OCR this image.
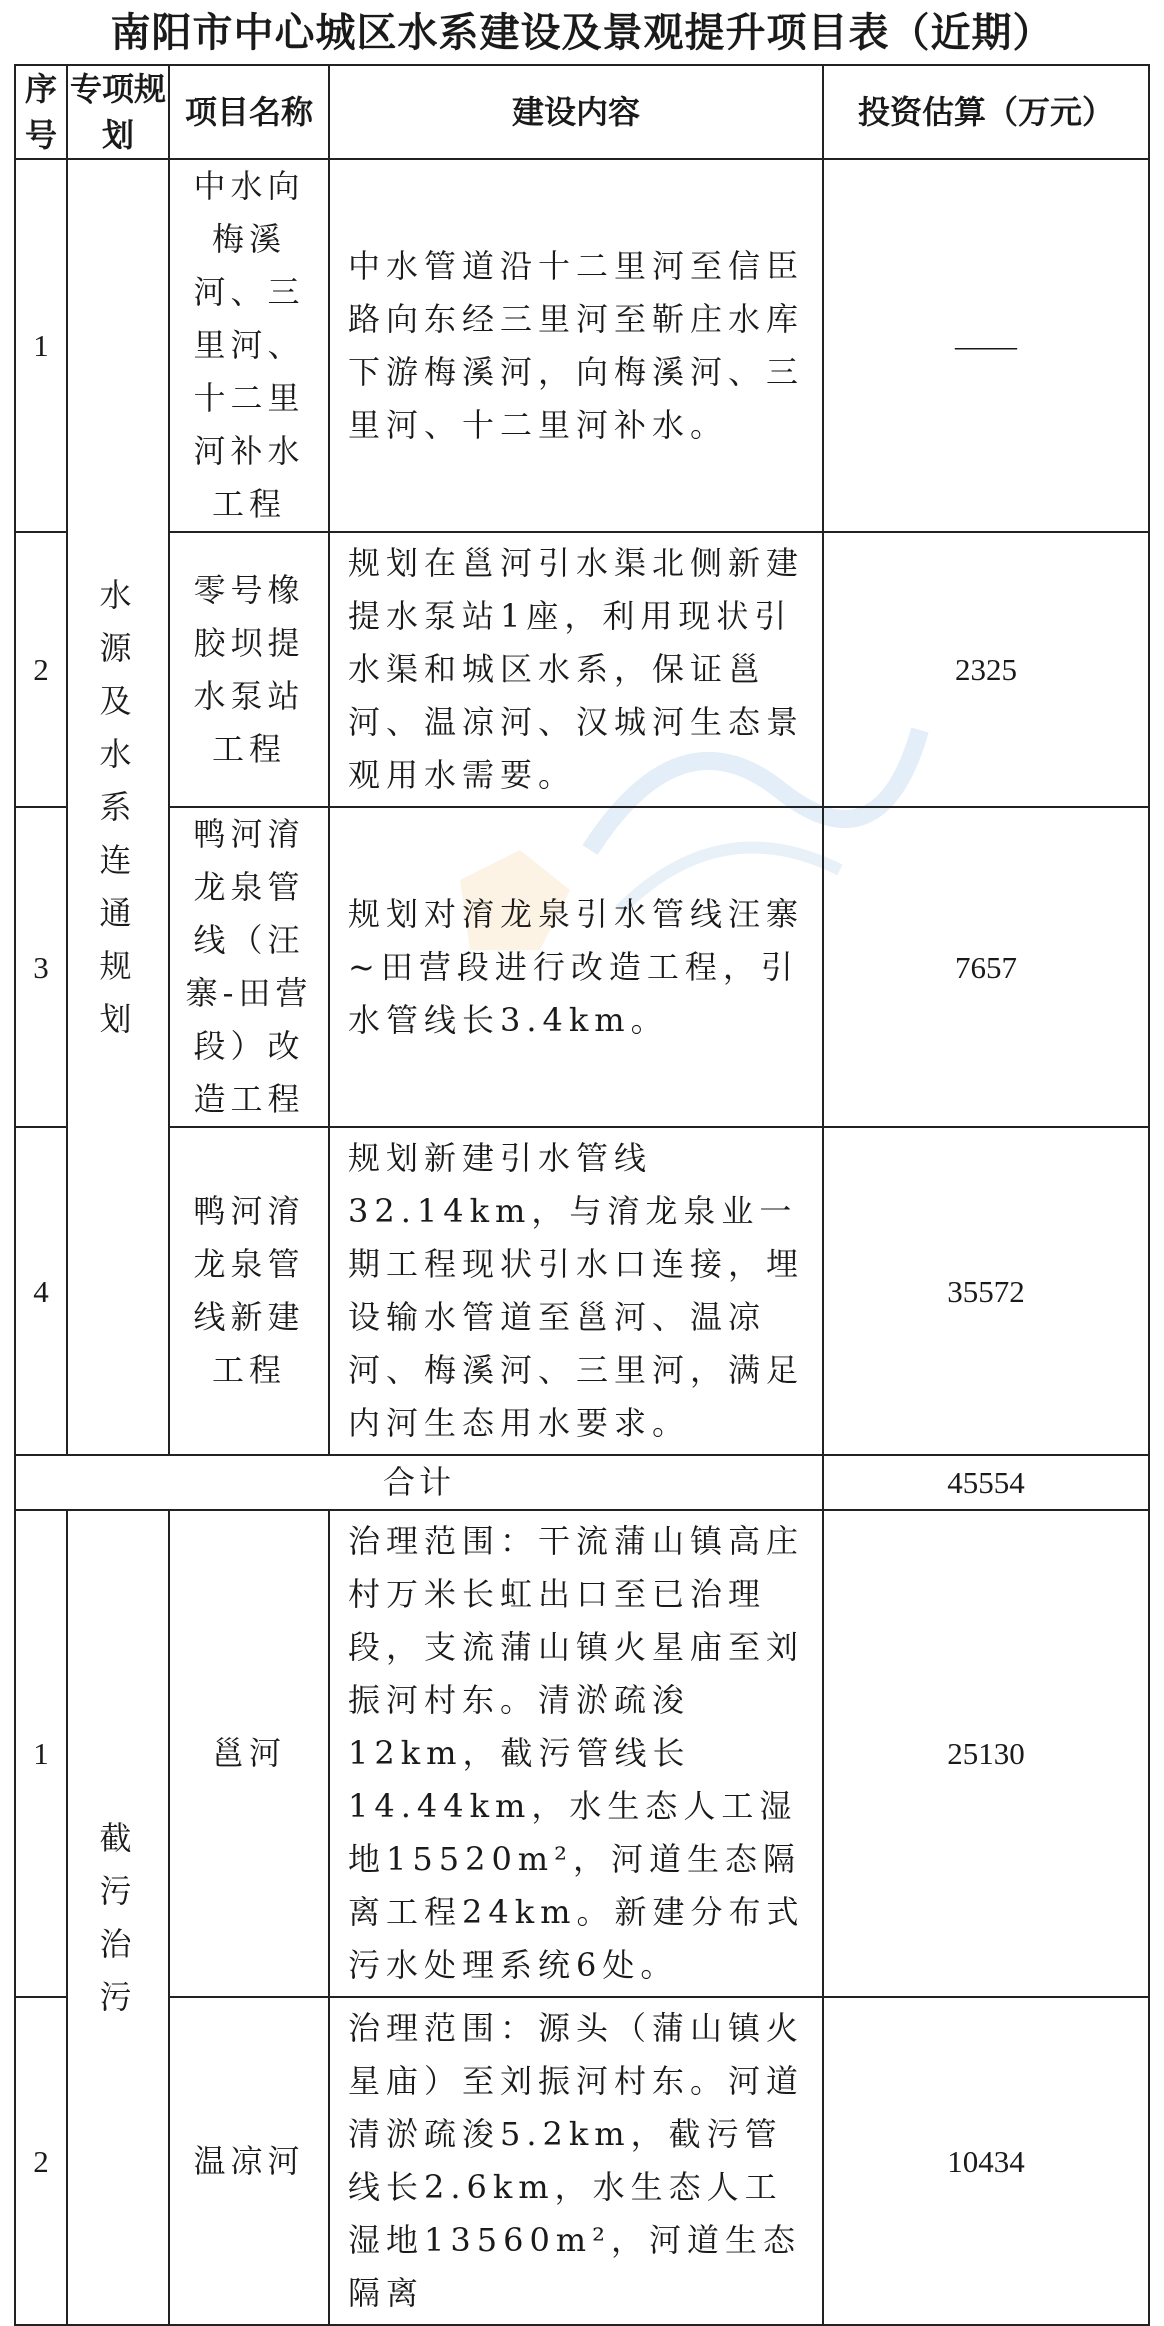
南阳市中心城区水系建设及景观提升项目表（近期）
序号	专项规划	项目名称	建设内容	投资估算（万元）
1	水源及水系连通规划	中水向梅溪河、三里河、十二里河补水工程	中水管道沿十二里河至信臣路向东经三里河至靳庄水库下游梅溪河，向梅溪河、三里河、十二里河补水。	——
2		零号橡胶坝提水泵站工程	规划在邕河引水渠北侧新建提水泵站1座，利用现状引水渠和城区水系，保证邕河、温凉河、汉城河生态景观用水需要。	2325
3		鸭河淯龙泉管线（汪寨-田营段）改造工程	规划对淯龙泉引水管线汪寨~田营段进行改造工程，引水管线长3.4km。	7657
4		鸭河淯龙泉管线新建工程	规划新建引水管线32.14km，与淯龙泉业一期工程现状引水口连接，埋设输水管道至邕河、温凉河、梅溪河、三里河，满足内河生态用水要求。	35572
合计				45554
1	截污治污	邕河	治理范围：干流蒲山镇高庄村万米长虹出口至已治理段，支流蒲山镇火星庙至刘振河村东。清淤疏浚12km，截污管线长14.44km，水生态人工湿地15520m²，河道生态隔离工程24km。新建分布式污水处理系统6处。	25130
2		温凉河	治理范围：源头（蒲山镇火星庙）至刘振河村东。河道清淤疏浚5.2km，截污管线长2.6km，水生态人工湿地13560m²，河道生态隔离	10434
